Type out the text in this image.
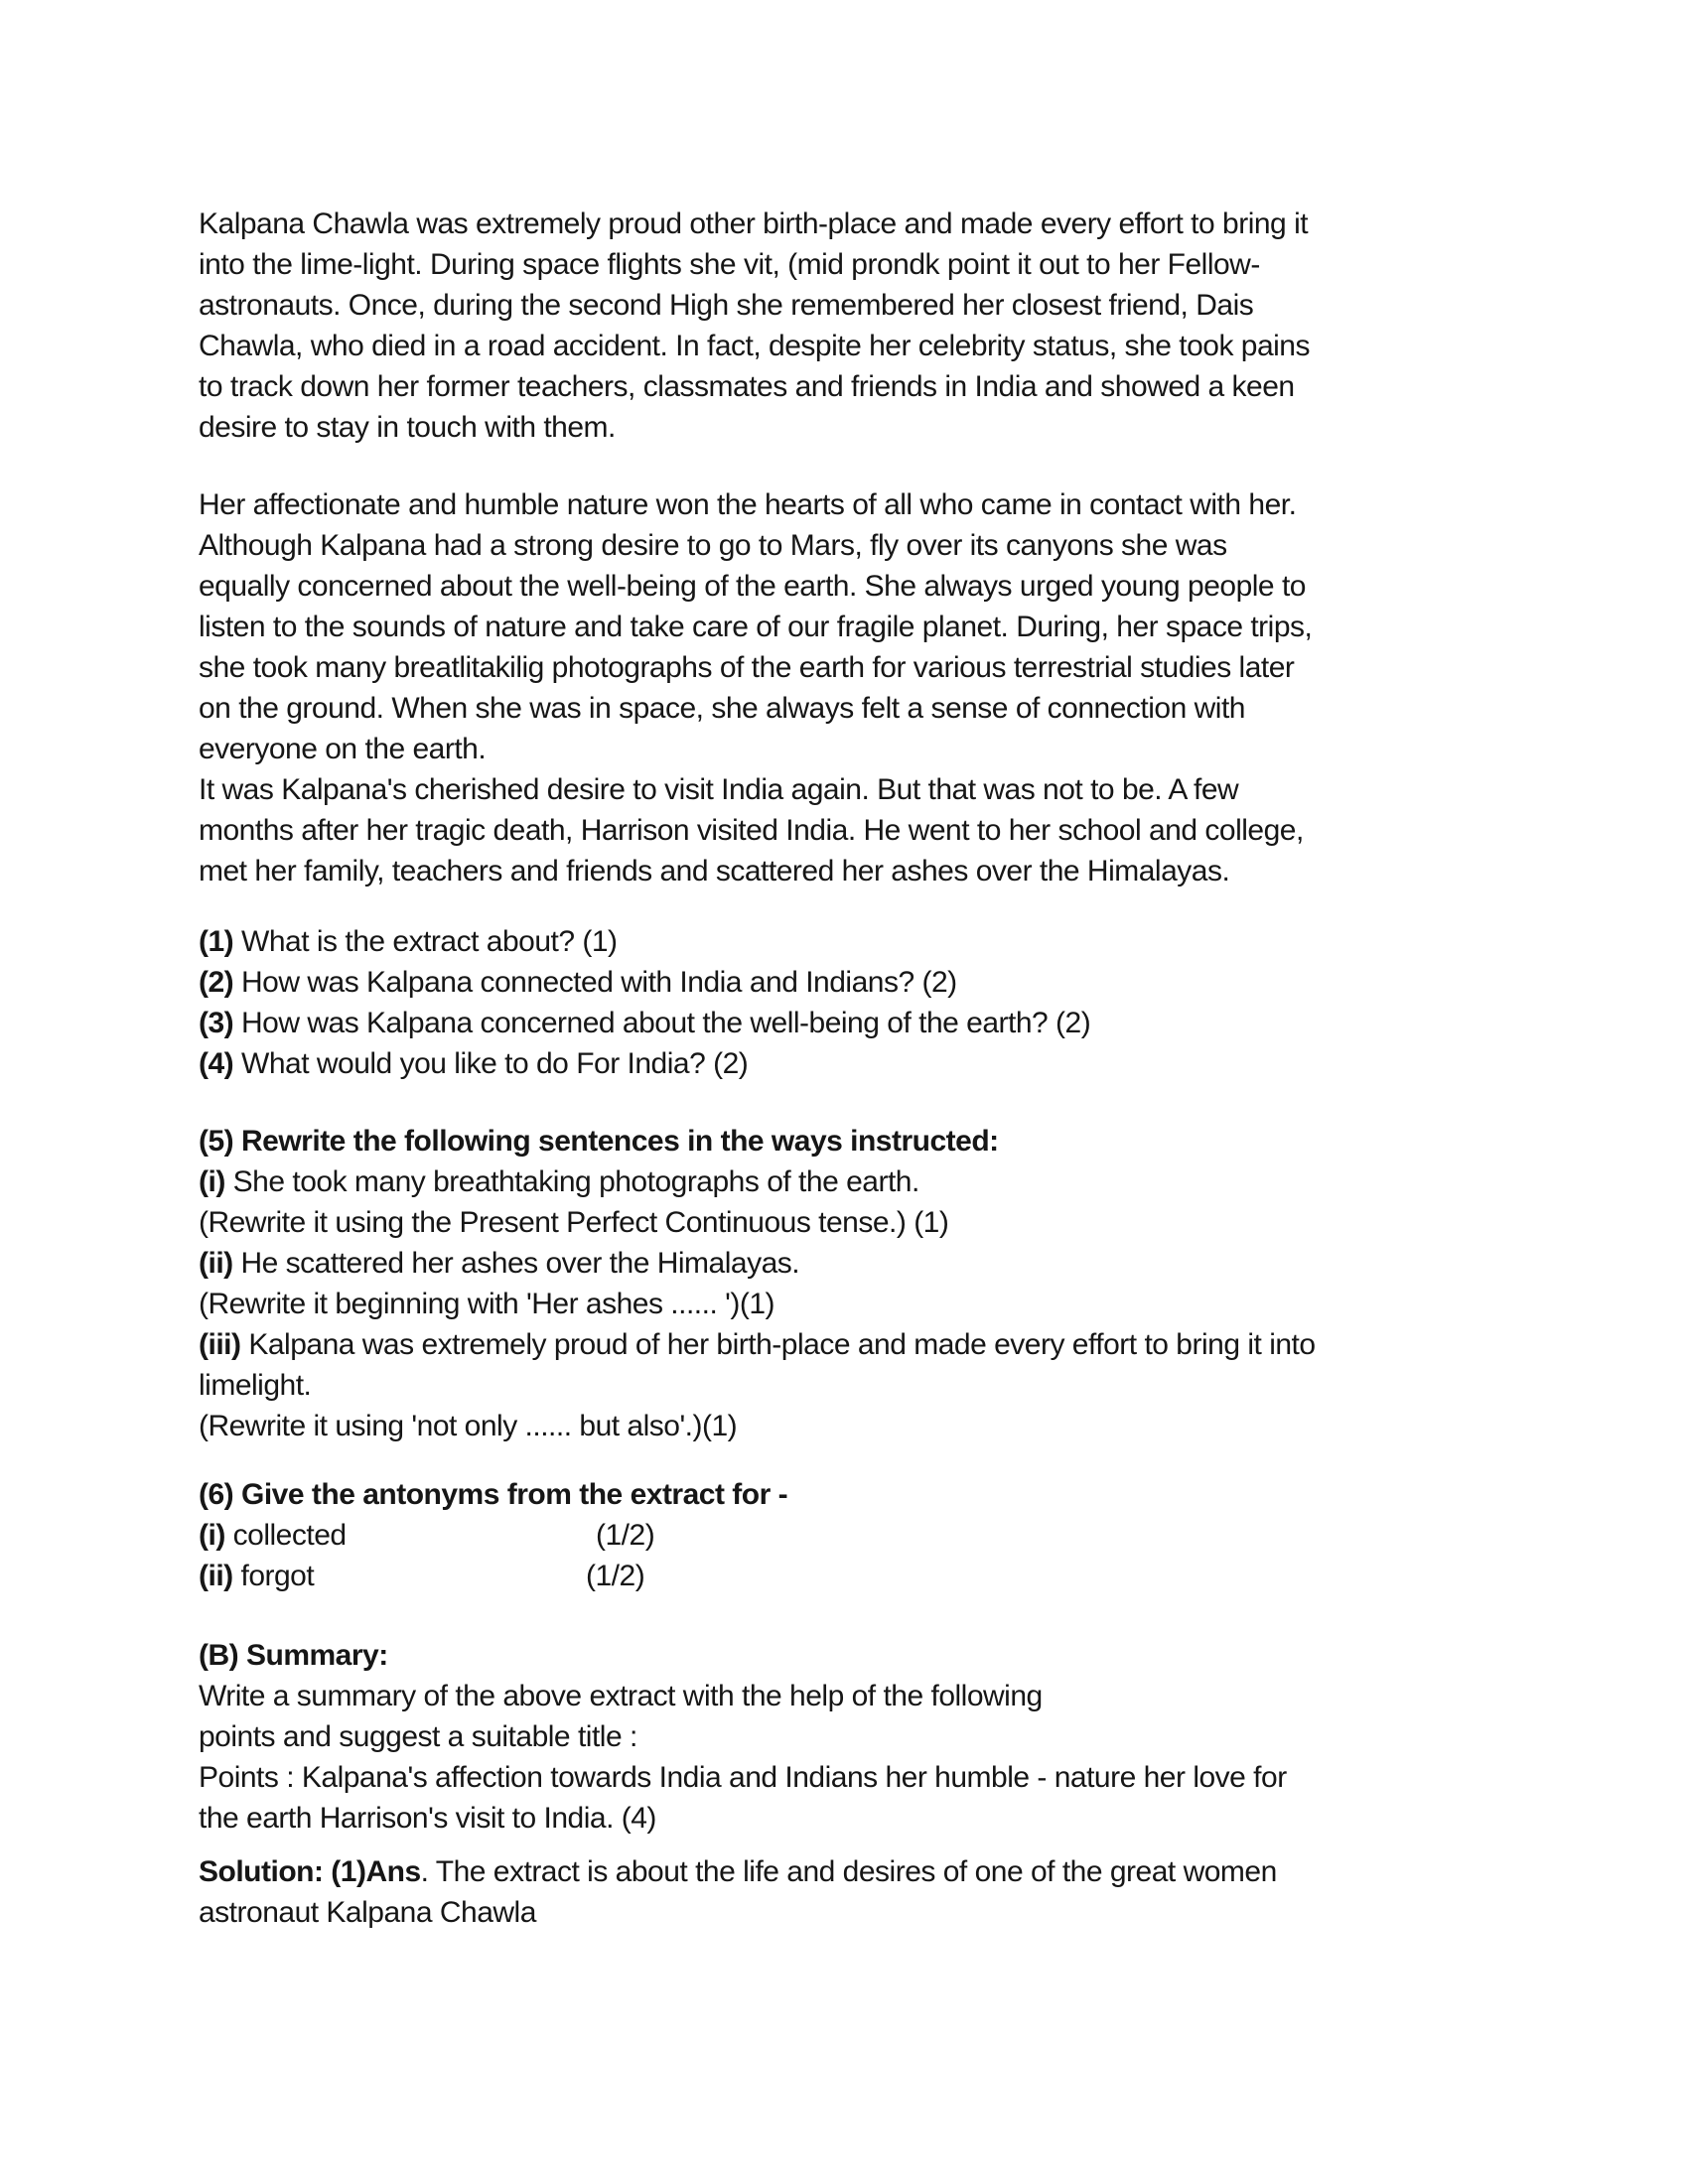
Kalpana Chawla was extremely proud other birth-place and made every effort to bring it
into the lime-light. During space flights she vit, (mid prondk point it out to her Fellow-
astronauts. Once, during the second High she remembered her closest friend, Dais
Chawla, who died in a road accident. In fact, despite her celebrity status, she took pains
to track down her former teachers, classmates and friends in India and showed a keen
desire to stay in touch with them.
Her affectionate and humble nature won the hearts of all who came in contact with her.
Although Kalpana had a strong desire to go to Mars, fly over its canyons she was
equally concerned about the well-being of the earth. She always urged young people to
listen to the sounds of nature and take care of our fragile planet. During, her space trips,
she took many breatlitakilig photographs of the earth for various terrestrial studies later
on the ground. When she was in space, she always felt a sense of connection with
everyone on the earth.
It was Kalpana's cherished desire to visit India again. But that was not to be. A few
months after her tragic death, Harrison visited India. He went to her school and college,
met her family, teachers and friends and scattered her ashes over the Himalayas.
(1) What is the extract about? (1)
(2) How was Kalpana connected with India and Indians? (2)
(3) How was Kalpana concerned about the well-being of the earth? (2)
(4) What would you like to do For India? (2)
(5) Rewrite the following sentences in the ways instructed:
(i) She took many breathtaking photographs of the earth.
(Rewrite it using the Present Perfect Continuous tense.) (1)
(ii) He scattered her ashes over the Himalayas.
(Rewrite it beginning with 'Her ashes ...... ')(1)
(iii) Kalpana was extremely proud of her birth-place and made every effort to bring it into
limelight.
(Rewrite it using 'not only ...... but also'.)(1)
(6) Give the antonyms from the extract for -
(i) collected	(1/2)
(ii) forgot	(1/2)
(B) Summary:
Write a summary of the above extract with the help of the following
points and suggest a suitable title :
Points : Kalpana's affection towards India and Indians her humble - nature her love for
the earth Harrison's visit to India. (4)
Solution: (1)Ans. The extract is about the life and desires of one of the great women
astronaut Kalpana Chawla
